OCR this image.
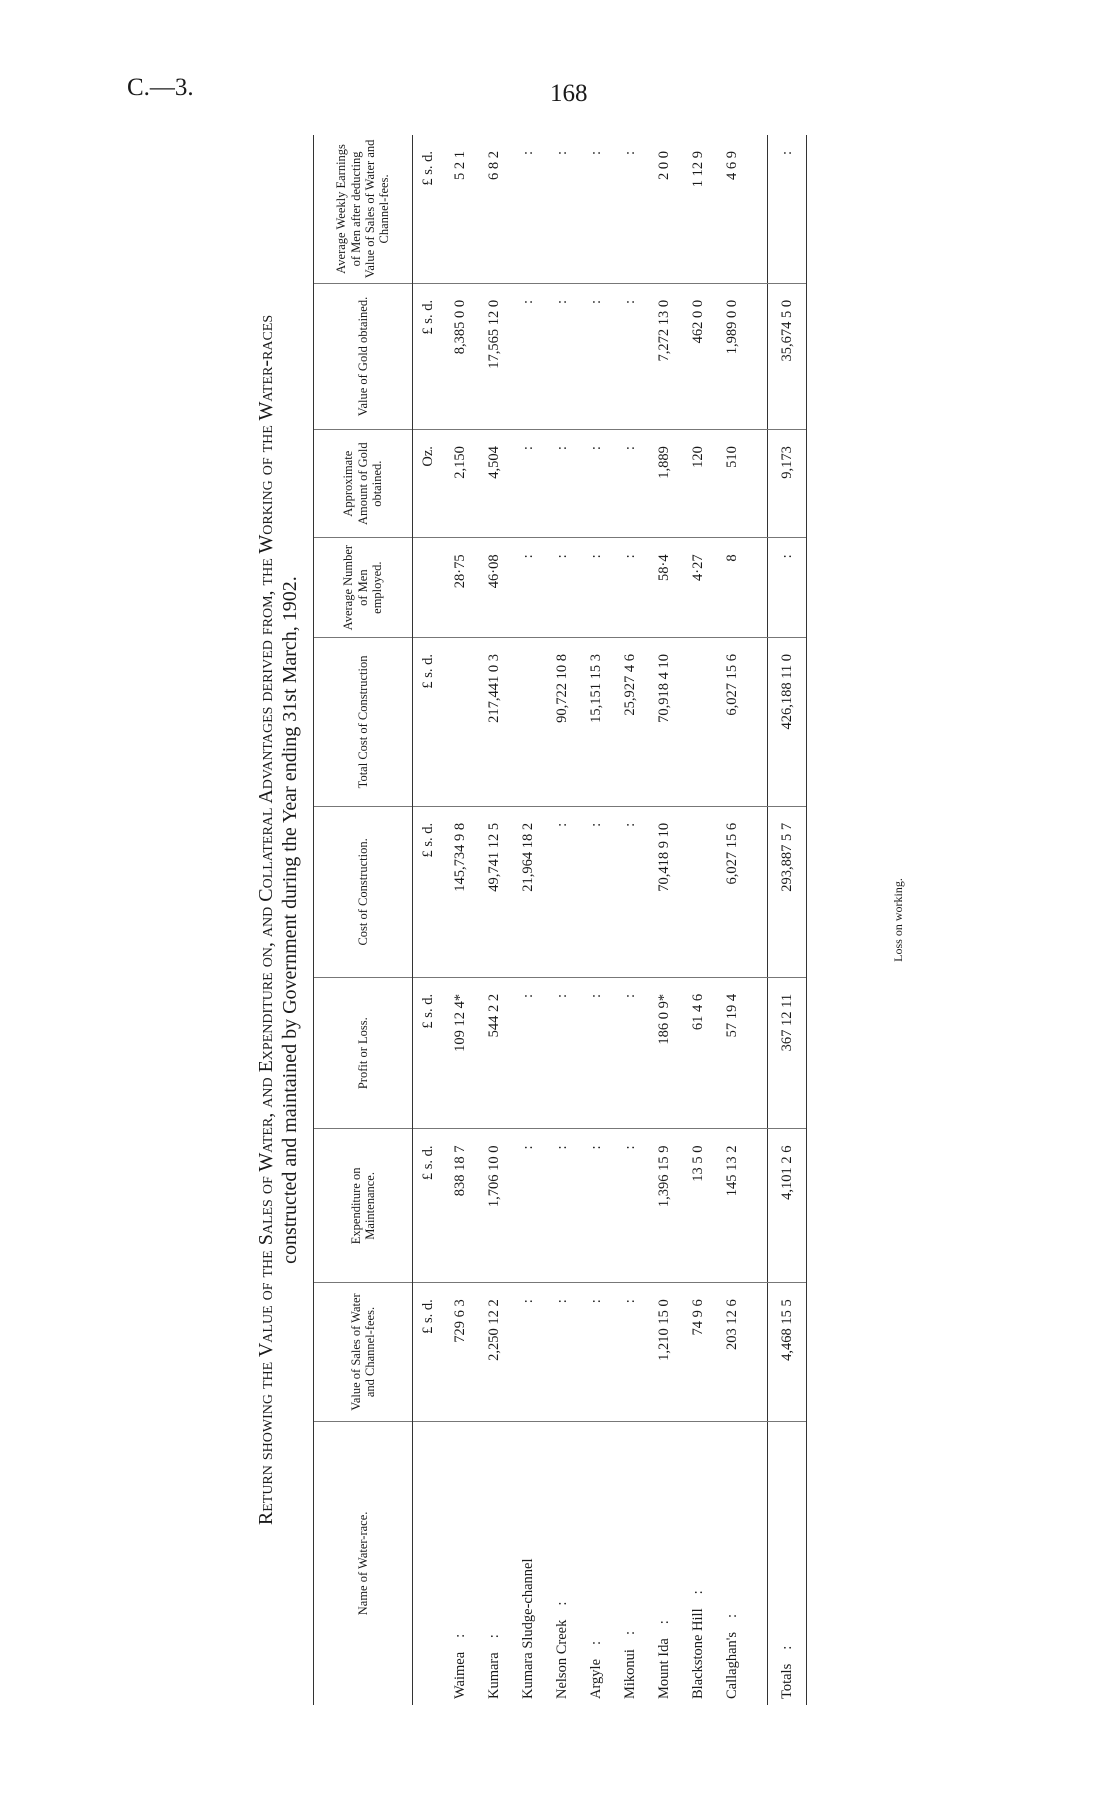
C.—3.	168
Return showing the Value of the Sales of Water, and Expenditure on, and Collateral Advantages derived from, the Working of the Water-races constructed and maintained by Government during the Year ending 31st March, 1902.
Name of Water-race.	Value of Sales of Water and Channel-fees.	Expenditure on Maintenance.	Profit or Loss.	Cost of Construction.	Total Cost of Construction	Average Number of Men employed.	Approximate Amount of Gold obtained.	Value of Gold obtained.	Average Weekly Earnings of Men after deducting Value of Sales of Water and Channel-fees.
	£ s. d.	£ s. d.	£ s. d.	£ s. d.	£ s. d.		Oz.	£ s. d.	£ s. d.
Waimea:	729 6 3	838 18 7	109 12 4*	145,734 9 8		28·75	2,150	8,385 0 0	5 2 1
Kumara:	2,250 12 2	1,706 10 0	544 2 2	49,741 12 5	217,441 0 3	46·08	4,504	17,565 12 0	6 8 2
Kumara Sludge-channel	:	:	:	21,964 18 2		:	:	:	:
Nelson Creek:	:	:	:	:	90,722 10 8	:	:	:	:
Argyle:	:	:	:	:	15,151 15 3	:	:	:	:
Mikonui:	:	:	:	:	25,927 4 6	:	:	:	:
Mount Ida:	1,210 15 0	1,396 15 9	186 0 9*	70,418 9 10	70,918 4 10	58·4	1,889	7,272 13 0	2 0 0
Blackstone Hill:	74 9 6	13 5 0	61 4 6			4·27	120	462 0 0	1 12 9
Callaghan's:	203 12 6	145 13 2	57 19 4	6,027 15 6	6,027 15 6	8	510	1,989 0 0	4 6 9

Totals:	4,468 15 5	4,101 2 6	367 12 11	293,887 5 7	426,188 11 0	:	9,173	35,674 5 0	:
Loss on working.
